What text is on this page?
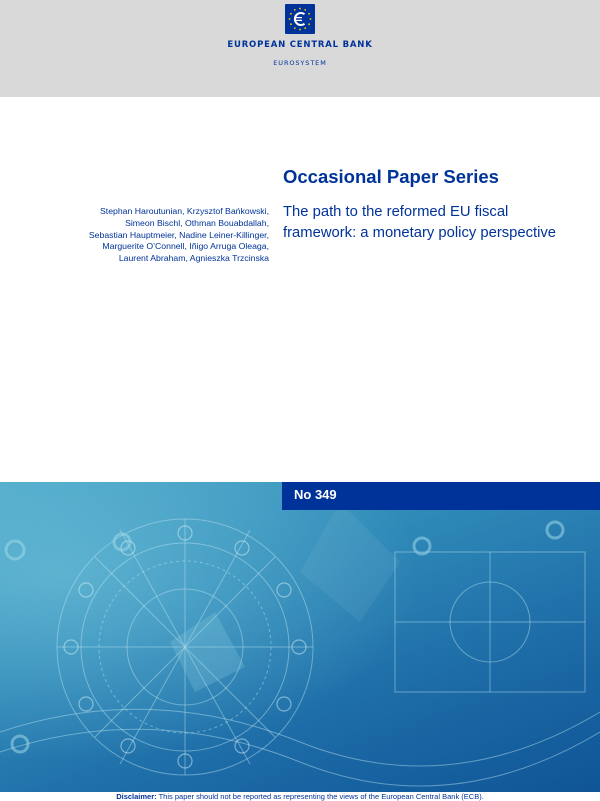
EUROPEAN CENTRAL BANK
EUROSYSTEM
Occasional Paper Series
Stephan Haroutunian, Krzysztof Bańkowski,
Simeon Bischl, Othman Bouabdallah,
Sebastian Hauptmeier, Nadine Leiner-Killinger,
Marguerite O’Connell, Iñigo Arruga Oleaga,
Laurent Abraham, Agnieszka Trzcinska
The path to the reformed EU fiscal framework: a monetary policy perspective
No 349
Disclaimer: This paper should not be reported as representing the views of the European Central Bank (ECB).
